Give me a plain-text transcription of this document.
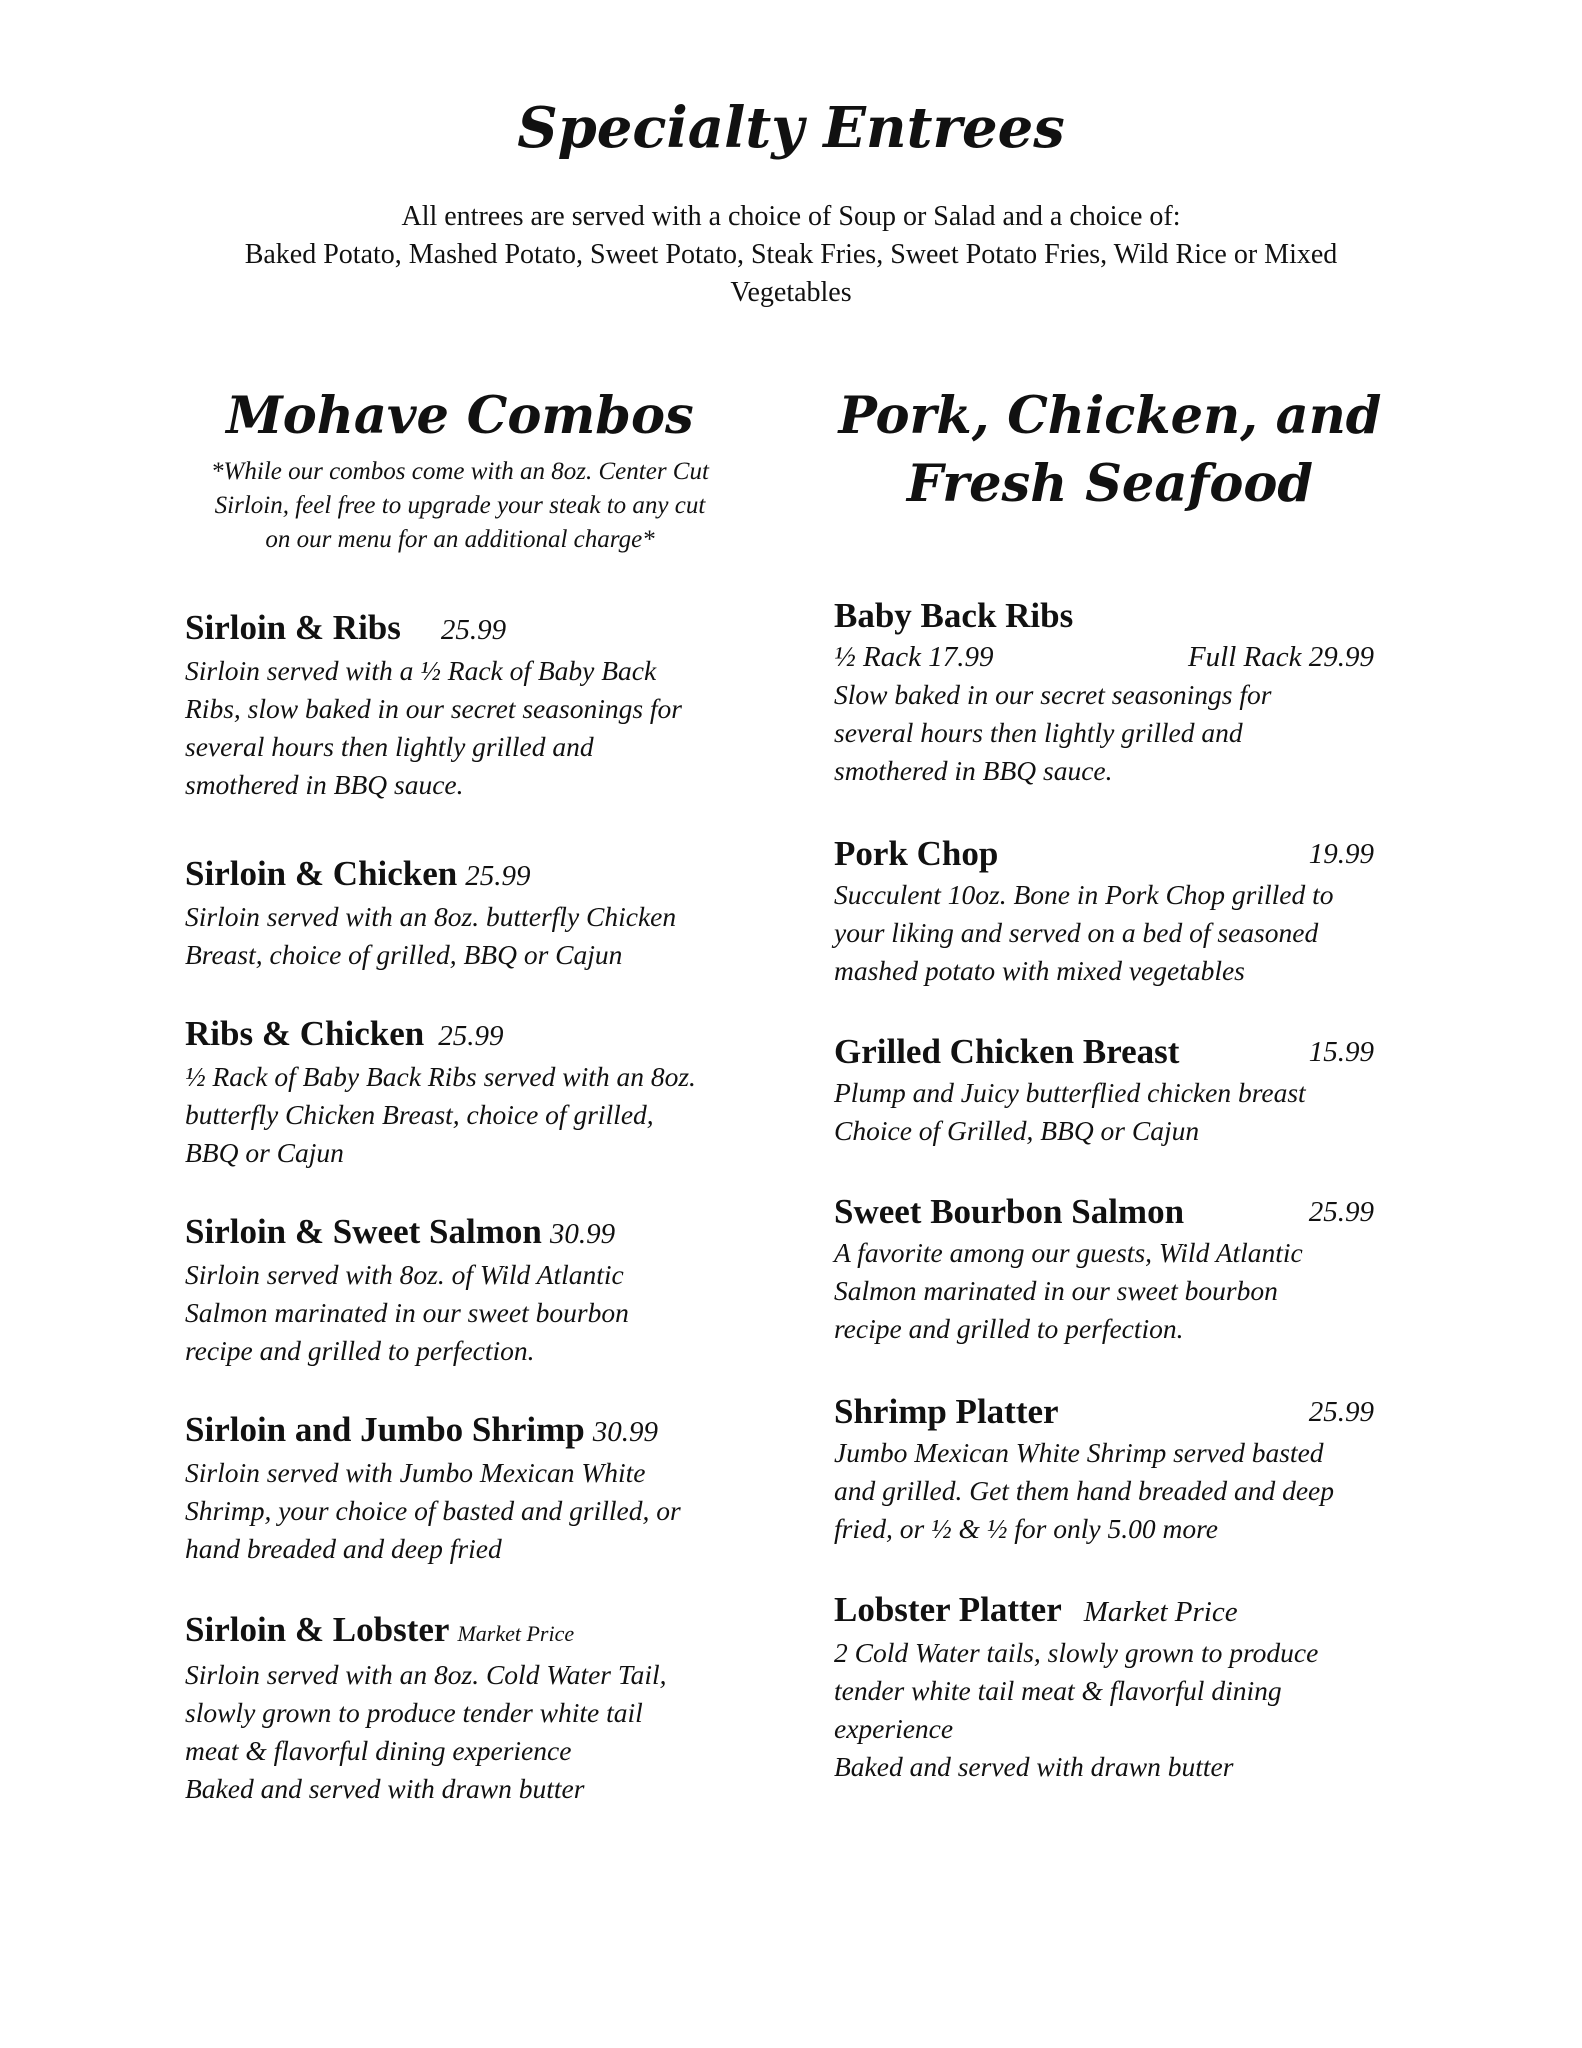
Specialty Entrees
All entrees are served with a choice of Soup or Salad and a choice of:
Baked Potato, Mashed Potato, Sweet Potato, Steak Fries, Sweet Potato Fries, Wild Rice or Mixed
Vegetables
Mohave Combos
*While our combos come with an 8oz. Center Cut
Sirloin, feel free to upgrade your steak to any cut
on our menu for an additional charge*
Sirloin & Ribs 25.99
Sirloin served with a ½ Rack of Baby Back
Ribs, slow baked in our secret seasonings for
several hours then lightly grilled and
smothered in BBQ sauce.
Sirloin & Chicken 25.99
Sirloin served with an 8oz. butterfly Chicken
Breast, choice of grilled, BBQ or Cajun
Ribs & Chicken 25.99
½ Rack of Baby Back Ribs served with an 8oz.
butterfly Chicken Breast, choice of grilled,
BBQ or Cajun
Sirloin & Sweet Salmon 30.99
Sirloin served with 8oz. of Wild Atlantic
Salmon marinated in our sweet bourbon
recipe and grilled to perfection.
Sirloin and Jumbo Shrimp 30.99
Sirloin served with Jumbo Mexican White
Shrimp, your choice of basted and grilled, or
hand breaded and deep fried
Sirloin & Lobster Market Price
Sirloin served with an 8oz. Cold Water Tail,
slowly grown to produce tender white tail
meat & flavorful dining experience
Baked and served with drawn butter
Pork, Chicken, and
Fresh Seafood
Baby Back Ribs
½ Rack 17.99	Full Rack 29.99
Slow baked in our secret seasonings for
several hours then lightly grilled and
smothered in BBQ sauce.
Pork Chop	19.99
Succulent 10oz. Bone in Pork Chop grilled to
your liking and served on a bed of seasoned
mashed potato with mixed vegetables
Grilled Chicken Breast	15.99
Plump and Juicy butterflied chicken breast
Choice of Grilled, BBQ or Cajun
Sweet Bourbon Salmon	25.99
A favorite among our guests, Wild Atlantic
Salmon marinated in our sweet bourbon
recipe and grilled to perfection.
Shrimp Platter	25.99
Jumbo Mexican White Shrimp served basted
and grilled. Get them hand breaded and deep
fried, or ½ & ½ for only 5.00 more
Lobster Platter Market Price
2 Cold Water tails, slowly grown to produce
tender white tail meat & flavorful dining
experience
Baked and served with drawn butter
